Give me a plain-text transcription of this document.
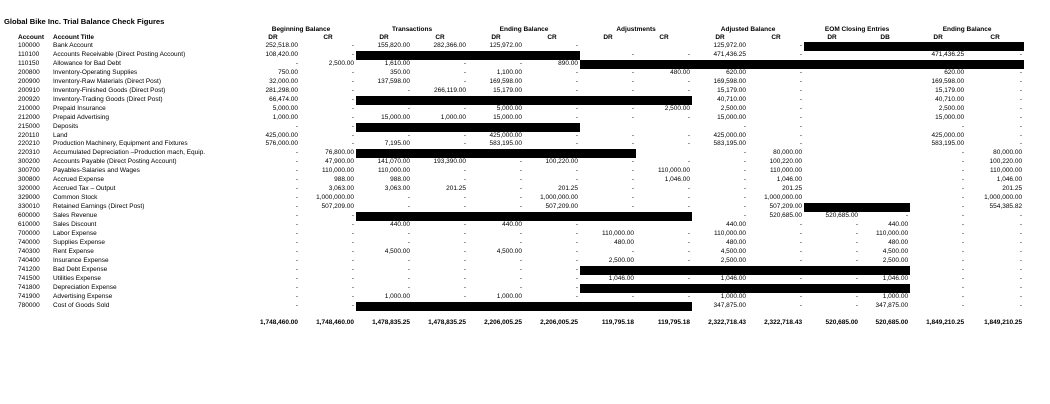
Global Bike Inc. Trial Balance Check Figures
		Beginning Balance		Transactions		Ending Balance		Adjustments		Adjusted Balance		EOM Closing Entries		Ending Balance	
Account	Account Title	DR	CR	DR	CR	DR	CR	DR	CR	DR	CR	DR	DB	DR	CR
100000	Bank Account	252,518.00	-	155,820.00	282,366.00	125,972.00	-			125,972.00	-				
110100	Accounts Receivable (Direct Posting Account)	108,420.00	-					-	-	471,436.25	-			471,436.25	-
110150	Allowance for Bad Debt	-	2,500.00	1,610.00	-	-	890.00								
200800	Inventory-Operating Supplies	750.00	-	350.00	-	1,100.00	-	-	480.00	620.00	-			620.00	-
200900	Inventory-Raw Materials (Direct Post)	32,000.00	-	137,598.00	-	169,598.00	-	-	-	169,598.00	-			169,598.00	-
200910	Inventory-Finished Goods (Direct Post)	281,298.00	-	-	266,119.00	15,179.00	-	-	-	15,179.00	-			15,179.00	-
200920	Inventory-Trading Goods (Direct Post)	66,474.00	-							40,710.00	-			40,710.00	-
210000	Prepaid Insurance	5,000.00	-	-	-	5,000.00	-	-	2,500.00	2,500.00	-			2,500.00	-
212000	Prepaid Advertising	1,000.00	-	15,000.00	1,000.00	15,000.00	-	-	-	15,000.00	-			15,000.00	-
215000	Deposits	-	-							-	-			-	-
220110	Land	425,000.00	-	-	-	425,000.00	-	-	-	425,000.00	-			425,000.00	-
220210	Production Machinery, Equipment and Fixtures	576,000.00	-	7,195.00	-	583,195.00	-	-	-	583,195.00	-			583,195.00	-
220310	Accumulated Depreciation –Production mach, Equip.	-	76,800.00							-	80,000.00			-	80,000.00
300200	Accounts Payable (Direct Posting Account)	-	47,900.00	141,070.00	193,390.00	-	100,220.00	-	-	-	100,220.00			-	100,220.00
300700	Payables-Salaries and Wages	-	110,000.00	110,000.00	-	-	-	-	110,000.00	-	110,000.00			-	110,000.00
300800	Accrued Expense	-	988.00	988.00	-	-	-	-	1,046.00	-	1,046.00			-	1,046.00
320000	Accrued Tax – Output	-	3,063.00	3,063.00	201.25	-	201.25	-	-	-	201.25			-	201.25
329000	Common Stock	-	1,000,000.00	-	-	-	1,000,000.00	-	-	-	1,000,000.00			-	1,000,000.00
330010	Retained Earnings (Direct Post)	-	507,209.00	-	-	-	507,209.00	-	-	-	507,209.00			-	554,385.82
600000	Sales Revenue	-	-							-	520,685.00	520,685.00	-	-	-
610000	Sales Discount	-	-	440.00	-	440.00	-			440.00	-	-	440.00	-	-
700000	Labor Expense	-	-	-	-	-	-	110,000.00	-	110,000.00	-	-	110,000.00	-	-
740000	Supplies Expense	-	-	-	-	-	-	480.00	-	480.00	-	-	480.00	-	-
740300	Rent Expense	-	-	4,500.00	-	4,500.00	-	-	-	4,500.00	-	-	4,500.00	-	-
740400	Insurance Expense	-	-	-	-	-	-	2,500.00	-	2,500.00	-	-	2,500.00	-	-
741200	Bad Debt Expense	-	-	-	-	-	-							-	-
741500	Utilities Expense	-	-	-	-	-	-	1,046.00	-	1,046.00	-	-	1,046.00	-	-
741800	Depreciation Expense	-	-	-	-	-	-							-	-
741900	Advertising Expense	-	-	1,000.00	-	1,000.00	-	-	-	1,000.00	-	-	1,000.00	-	-
780000	Cost of Goods Sold	-	-							347,875.00	-	-	347,875.00	-	-

		1,748,460.00	1,748,460.00	1,478,835.25	1,478,835.25	2,206,005.25	2,206,005.25	119,795.18	119,795.18	2,322,718.43	2,322,718.43	520,685.00	520,685.00	1,849,210.25	1,849,210.25
